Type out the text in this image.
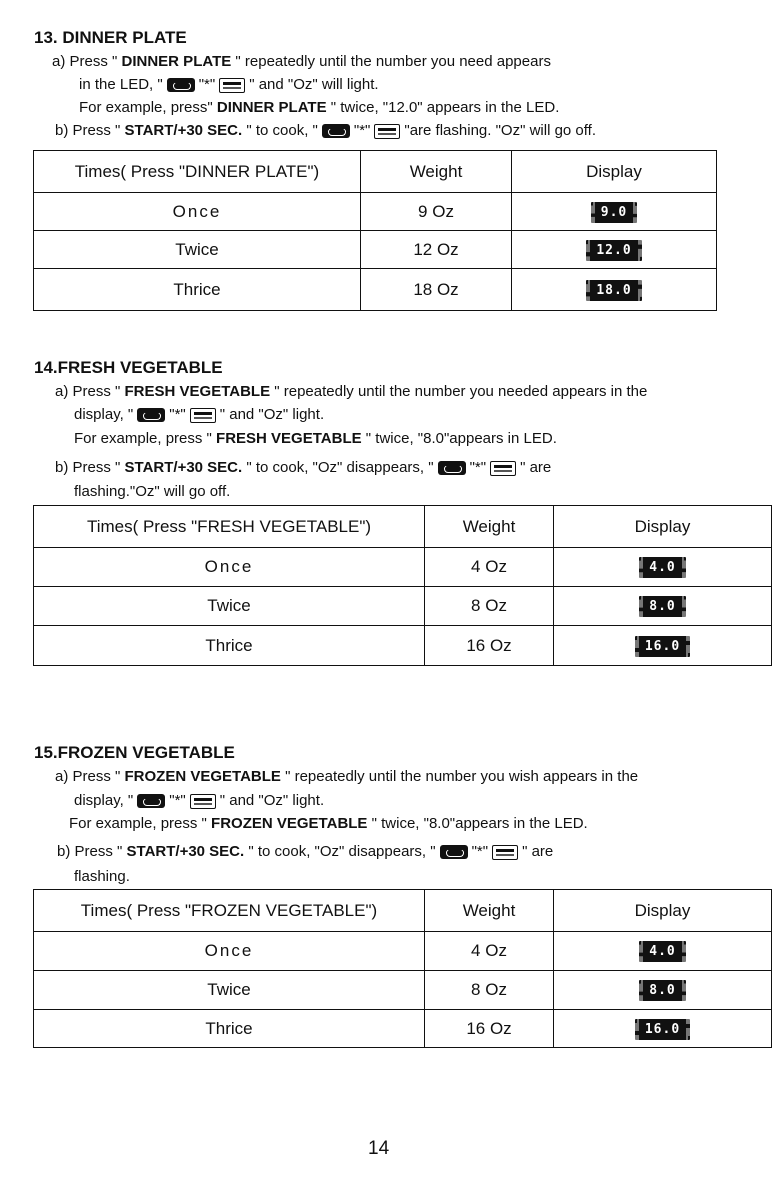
13. DINNER PLATE
a) Press " DINNER PLATE " repeatedly until the number you need appears
in the LED, " "*" " and "Oz" will light.
For example, press" DINNER PLATE " twice, "12.0" appears in the LED.
b) Press " START/+30 SEC. " to cook, " "*" "are flashing. "Oz" will go off.
Times( Press "DINNER PLATE")	Weight	Display
Once	9 Oz	9.0
Twice	12 Oz	12.0
Thrice	18 Oz	18.0
14.FRESH VEGETABLE
a) Press " FRESH VEGETABLE " repeatedly until the number you needed appears in the
display, " "*" " and "Oz" light.
For example, press " FRESH VEGETABLE " twice, "8.0"appears in LED.
b) Press " START/+30 SEC. " to cook, "Oz" disappears, " "*" " are
flashing."Oz" will go off.
Times( Press "FRESH VEGETABLE")	Weight	Display
Once	4 Oz	4.0
Twice	8 Oz	8.0
Thrice	16 Oz	16.0
15.FROZEN VEGETABLE
a) Press " FROZEN VEGETABLE " repeatedly until the number you wish appears in the
display, " "*" " and "Oz" light.
For example, press " FROZEN VEGETABLE " twice, "8.0"appears in the LED.
b) Press " START/+30 SEC. " to cook, "Oz" disappears, " "*" " are
flashing.
Times( Press "FROZEN VEGETABLE")	Weight	Display
Once	4 Oz	4.0
Twice	8 Oz	8.0
Thrice	16 Oz	16.0
14
